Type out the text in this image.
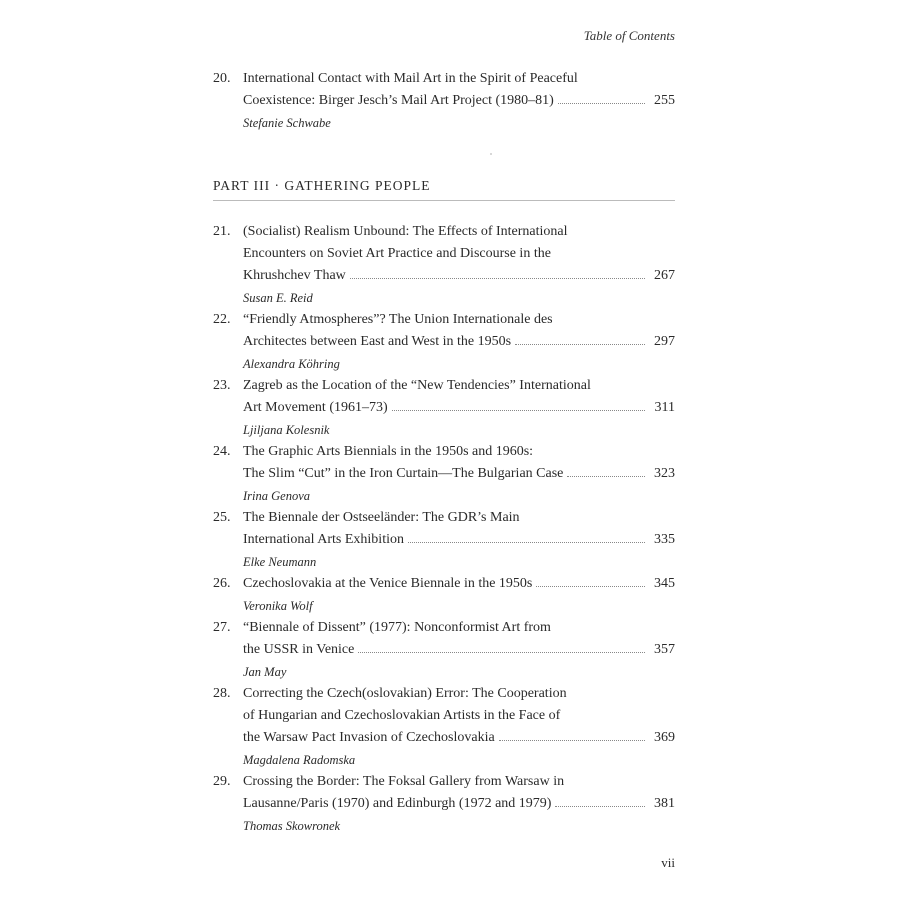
Table of Contents
20. International Contact with Mail Art in the Spirit of Peaceful
Coexistence: Birger Jesch’s Mail Art Project (1980–81)	255
Stefanie Schwabe
PART III · GATHERING PEOPLE
21. (Socialist) Realism Unbound: The Effects of International
Encounters on Soviet Art Practice and Discourse in the
Khrushchev Thaw	267
Susan E. Reid
22. “Friendly Atmospheres”? The Union Internationale des
Architectes between East and West in the 1950s	297
Alexandra Köhring
23. Zagreb as the Location of the “New Tendencies” International
Art Movement (1961–73)	311
Ljiljana Kolesnik
24. The Graphic Arts Biennials in the 1950s and 1960s:
The Slim “Cut” in the Iron Curtain—The Bulgarian Case	323
Irina Genova
25. The Biennale der Ostseeländer: The GDR’s Main
International Arts Exhibition	335
Elke Neumann
26. Czechoslovakia at the Venice Biennale in the 1950s	345
Veronika Wolf
27. “Biennale of Dissent” (1977): Nonconformist Art from
the USSR in Venice	357
Jan May
28. Correcting the Czech(oslovakian) Error: The Cooperation
of Hungarian and Czechoslovakian Artists in the Face of
the Warsaw Pact Invasion of Czechoslovakia	369
Magdalena Radomska
29. Crossing the Border: The Foksal Gallery from Warsaw in
Lausanne/Paris (1970) and Edinburgh (1972 and 1979)	381
Thomas Skowronek
vii
